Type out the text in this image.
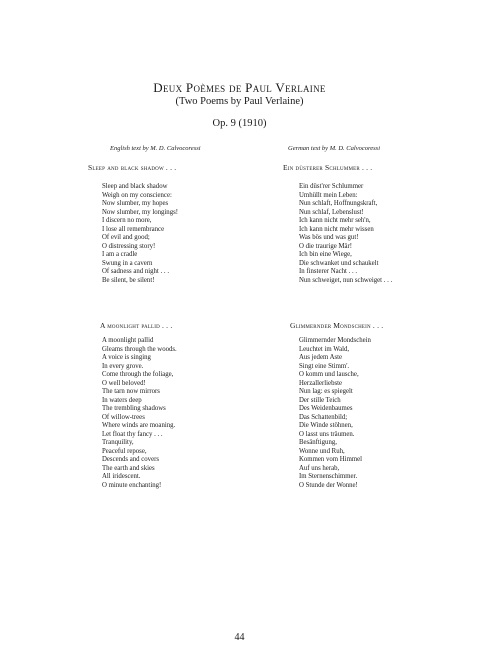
Deux Poèmes de Paul Verlaine
(Two Poems by Paul Verlaine)
Op. 9 (1910)
English text by M. D. Calvocoressi	German text by M. D. Calvocoressi
Sleep and black shadow . . .	Ein düsterer Schlummer . . .
Sleep and black shadow
Weigh on my conscience:
Now slumber, my hopes
Now slumber, my longings!
I discern no more,
I lose all remembrance
Of evil and good;
O distressing story!
I am a cradle
Swung in a cavern
Of sadness and night . . .
Be silent, be silent!
Ein düst'rer Schlummer
Umhüllt mein Leben:
Nun schlaft, Hoffnungskraft,
Nun schlaf, Lebenslust!
Ich kann nicht mehr seh'n,
Ich kann nicht mehr wissen
Was bös und was gut!
O die traurige Mär!
Ich bin eine Wiege,
Die schwanket und schaukelt
In finsterer Nacht . . .
Nun schweiget, nun schweiget . . .
A moonlight pallid . . .	Glimmernder Mondschein . . .
A moonlight pallid
Gleams through the woods.
A voice is singing
In every grove.
Come through the foliage,
O well beloved!
The tarn now mirrors
In waters deep
The trembling shadows
Of willow-trees
Where winds are moaning.
Let float thy fancy . . .
Tranquility,
Peaceful repose,
Descends and covers
The earth and skies
All iridescent.
O minute enchanting!
Glimmernder Mondschein
Leuchtet im Wald,
Aus jedem Aste
Singt eine Stimm'.
O komm und lausche,
Herzallerliebste
Nun lag: es spiegelt
Der stille Teich
Des Weidenbaumes
Das Schattenbild;
Die Winde stöhnen,
O lasst uns träumen.
Besänftigung,
Wonne und Ruh,
Kommen vom Himmel
Auf uns herab,
Im Sternenschimmer.
O Stunde der Wonne!
44
